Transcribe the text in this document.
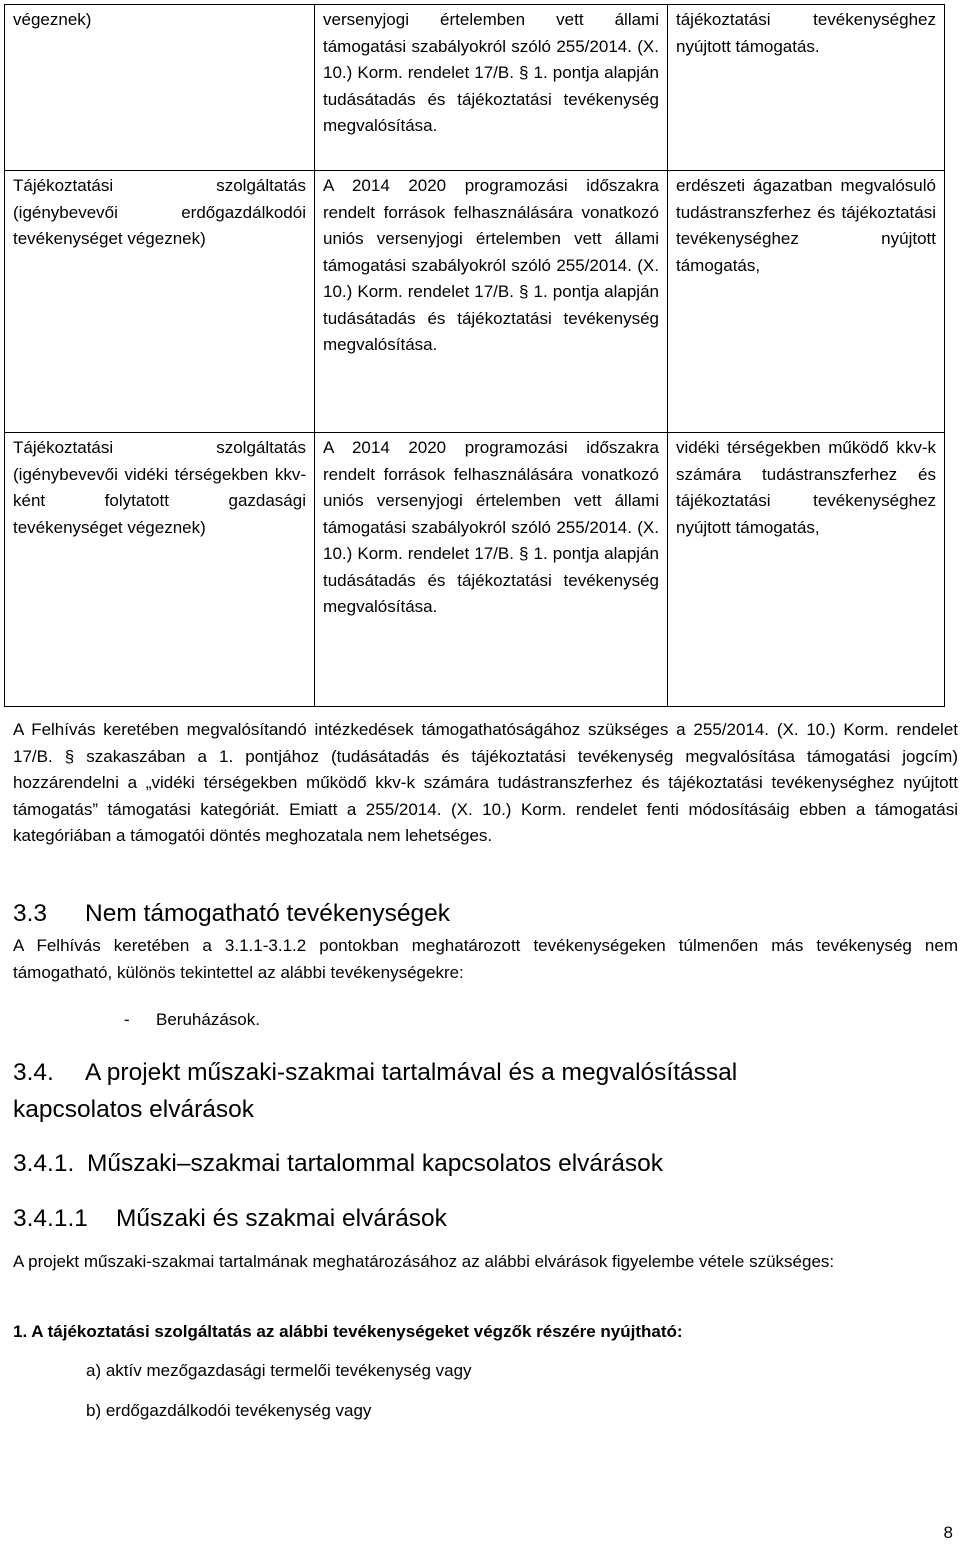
végeznek)	versenyjogi értelemben vett állami támogatási szabályokról szóló 255/2014. (X. 10.) Korm. rendelet 17/B. § 1. pontja alapján tudásátadás és tájékoztatási tevékenység megvalósítása.	tájékoztatási tevékenységhez nyújtott támogatás.
Tájékoztatási szolgáltatás (igénybevevői erdőgazdálkodói tevékenységet végeznek)	A 2014 2020 programozási időszakra rendelt források felhasználására vonatkozó uniós versenyjogi értelemben vett állami támogatási szabályokról szóló 255/2014. (X. 10.) Korm. rendelet 17/B. § 1. pontja alapján tudásátadás és tájékoztatási tevékenység megvalósítása.	erdészeti ágazatban megvalósuló tudástranszferhez és tájékoztatási tevékenységhez nyújtott támogatás,
Tájékoztatási szolgáltatás (igénybevevői vidéki térségekben kkv-ként folytatott gazdasági tevékenységet végeznek)	A 2014 2020 programozási időszakra rendelt források felhasználására vonatkozó uniós versenyjogi értelemben vett állami támogatási szabályokról szóló 255/2014. (X. 10.) Korm. rendelet 17/B. § 1. pontja alapján tudásátadás és tájékoztatási tevékenység megvalósítása.	vidéki térségekben működő kkv-k számára tudástranszferhez és tájékoztatási tevékenységhez nyújtott támogatás,
A Felhívás keretében megvalósítandó intézkedések támogathatóságához szükséges a 255/2014. (X. 10.) Korm. rendelet 17/B. § szakaszában a 1. pontjához (tudásátadás és tájékoztatási tevékenység megvalósítása támogatási jogcím) hozzárendelni a „vidéki térségekben működő kkv-k számára tudástranszferhez és tájékoztatási tevékenységhez nyújtott támogatás” támogatási kategóriát. Emiatt a 255/2014. (X. 10.) Korm. rendelet fenti módosításáig ebben a támogatási kategóriában a támogatói döntés meghozatala nem lehetséges.
3.3 Nem támogatható tevékenységek
A Felhívás keretében a 3.1.1-3.1.2 pontokban meghatározott tevékenységeken túlmenően más tevékenység nem támogatható, különös tekintettel az alábbi tevékenységekre:
- Beruházások.
3.4. A projekt műszaki-szakmai tartalmával és a megvalósítással kapcsolatos elvárások
3.4.1. Műszaki–szakmai tartalommal kapcsolatos elvárások
3.4.1.1 Műszaki és szakmai elvárások
A projekt műszaki-szakmai tartalmának meghatározásához az alábbi elvárások figyelembe vétele szükséges:
1. A tájékoztatási szolgáltatás az alábbi tevékenységeket végzők részére nyújtható:
a) aktív mezőgazdasági termelői tevékenység vagy
b) erdőgazdálkodói tevékenység vagy
8
